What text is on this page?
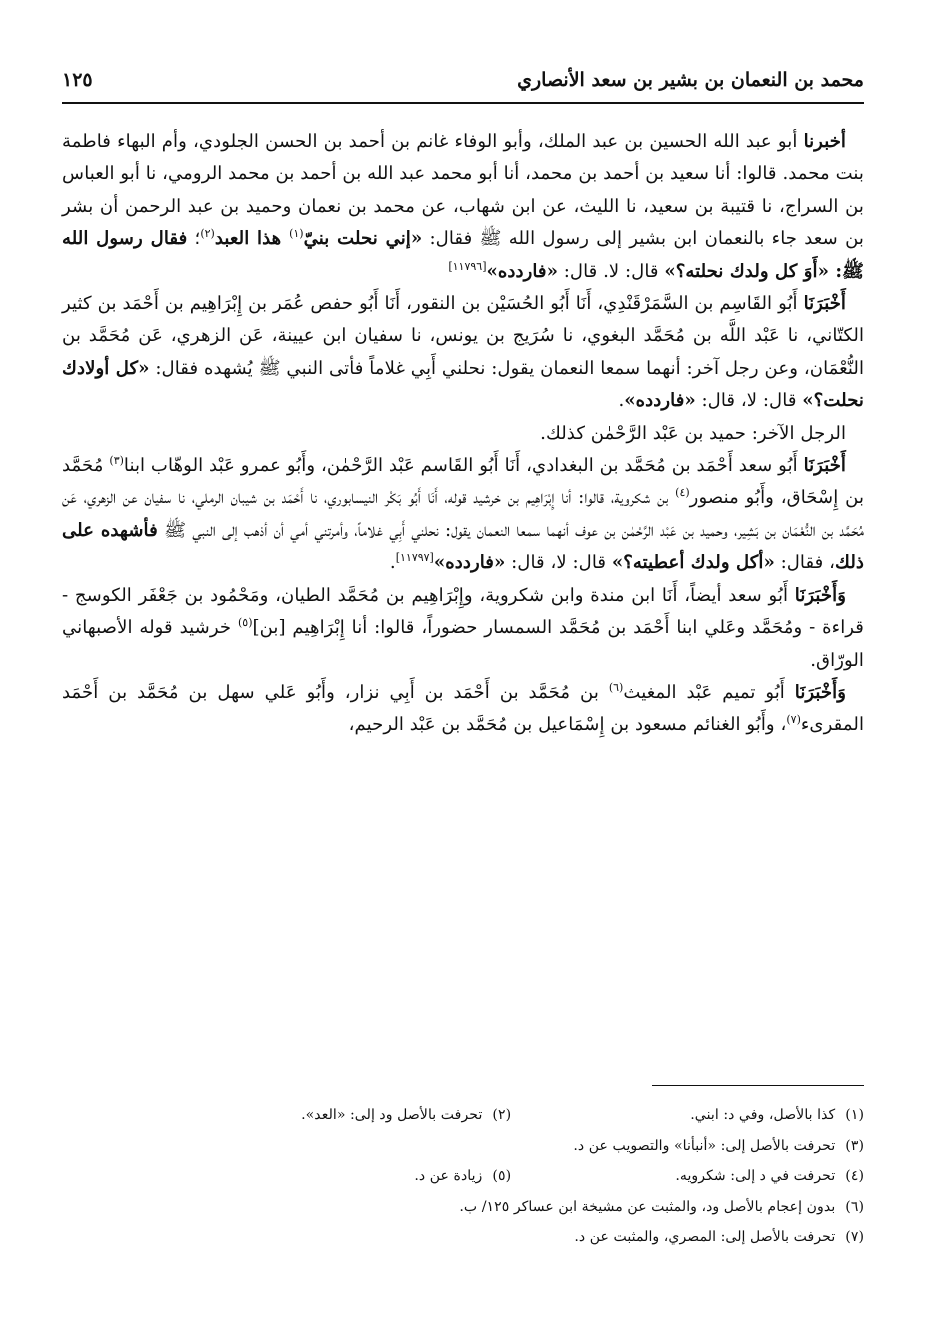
محمد بن النعمان بن بشير بن سعد الأنصاري
١٢٥

أخبرنا أبو عبد الله الحسين بن عبد الملك، وأبو الوفاء غانم بن أحمد بن الحسن الجلودي، وأم البهاء فاطمة بنت محمد. قالوا: أنا سعيد بن أحمد بن محمد، أنا أبو محمد عبد الله بن أحمد بن محمد الرومي، نا أبو العباس بن السراج، نا قتيبة بن سعيد، نا الليث، عن ابن شهاب، عن محمد بن نعمان وحميد بن عبد الرحمن أن بشر بن سعد جاء بالنعمان ابن بشير إلى رسول الله ﷺ فقال: «إني نحلت بنيّ$^{(١)}$ هذا العبد$^{(٢)}$؛ فقال رسول الله ﷺ: «أَوَ كل ولدك نحلته؟» قال: لا. قال: «فاردده»[١١٧٩٦]

أَخْبَرَنَا أَبُو القَاسِم بن السَّمَرْقَنْدِي، أَنَا أَبُو الحُسَيْن بن النقور، أَنَا أَبُو حفص عُمَر بن إِبْرَاهِيم بن أَحْمَد بن كثير الكتّاني، نا عَبْد اللَّه بن مُحَمَّد البغوي، نا سُرَيج بن يونس، نا سفيان ابن عيينة، عَن الزهري، عَن مُحَمَّد بن النُّعْمَان، وعن رجل آخر: أنهما سمعا النعمان يقول: نحلني أَبِي غلاماً فأتى النبي ﷺ يُشهده فقال: «كل أولادك نحلت؟» قال: لا، قال: «فاردده».

الرجل الآخر: حميد بن عَبْد الرَّحْمٰن كذلك.

أَخْبَرَنَا أَبُو سعد أَحْمَد بن مُحَمَّد بن البغدادي، أَنَا أَبُو القَاسم عَبْد الرَّحْمٰن، وأَبُو عمرو عَبْد الوهّاب ابنا$^{(٣)}$ مُحَمَّد بن إِسْحَاق، وأَبُو منصور$^{(٤)}$ بن شكروية، قالوا: أنا إِبْرَاهِيم بن خرشيد قوله، أَنَا أَبُو بَكْر النيسابوري، نا أَحْمَد بن شيبان الرملي، نا سفيان عن الزهري، عَن مُحَمَّد بن النُّعْمَان بن بَشِير، وحميد بن عَبْد الرَّحْمٰن بن عوف أنهما سمعا النعمان يقول: نحلني أَبِي غلاماً، وأمرتني أمي أن أذهب إلى النبي ﷺ فأشهده على ذلك، فقال: «أكل ولدك أعطيته؟» قال: لا، قال: «فاردده»[١١٧٩٧].

وَأَخْبَرَنَا أَبُو سعد أيضاً، أَنَا ابن مندة وابن شكروية، وإِبْرَاهِيم بن مُحَمَّد الطيان، ومَحْمُود بن جَعْفَر الكوسج - قراءة - ومُحَمَّد وعَلي ابنا أَحْمَد بن مُحَمَّد السمسار حضوراً، قالوا: أنا إِبْرَاهِيم [بن]$^{(٥)}$ خرشيد قوله الأصبهاني الورّاق.

وَأَخْبَرَنَا أَبُو تميم عَبْد المغيث$^{(٦)}$ بن مُحَمَّد بن أَحْمَد بن أَبِي نزار، وأَبُو عَلي سهل بن مُحَمَّد بن أَحْمَد المقرىء$^{(٧)}$، وأَبُو الغنائم مسعود بن إِسْمَاعيل بن مُحَمَّد بن عَبْد الرحيم،

(١)كذا بالأصل، وفي د: ابني.
(٢)تحرفت بالأصل ود إلى: «العد».
(٣)تحرفت بالأصل إلى: «أنبأنا» والتصويب عن د.
(٤)تحرفت في د إلى: شكرويه.
(٥)زيادة عن د.
(٦)بدون إعجام بالأصل ود، والمثبت عن مشيخة ابن عساكر ١٢٥/ ب.
(٧)تحرفت بالأصل إلى: المصري، والمثبت عن د.
